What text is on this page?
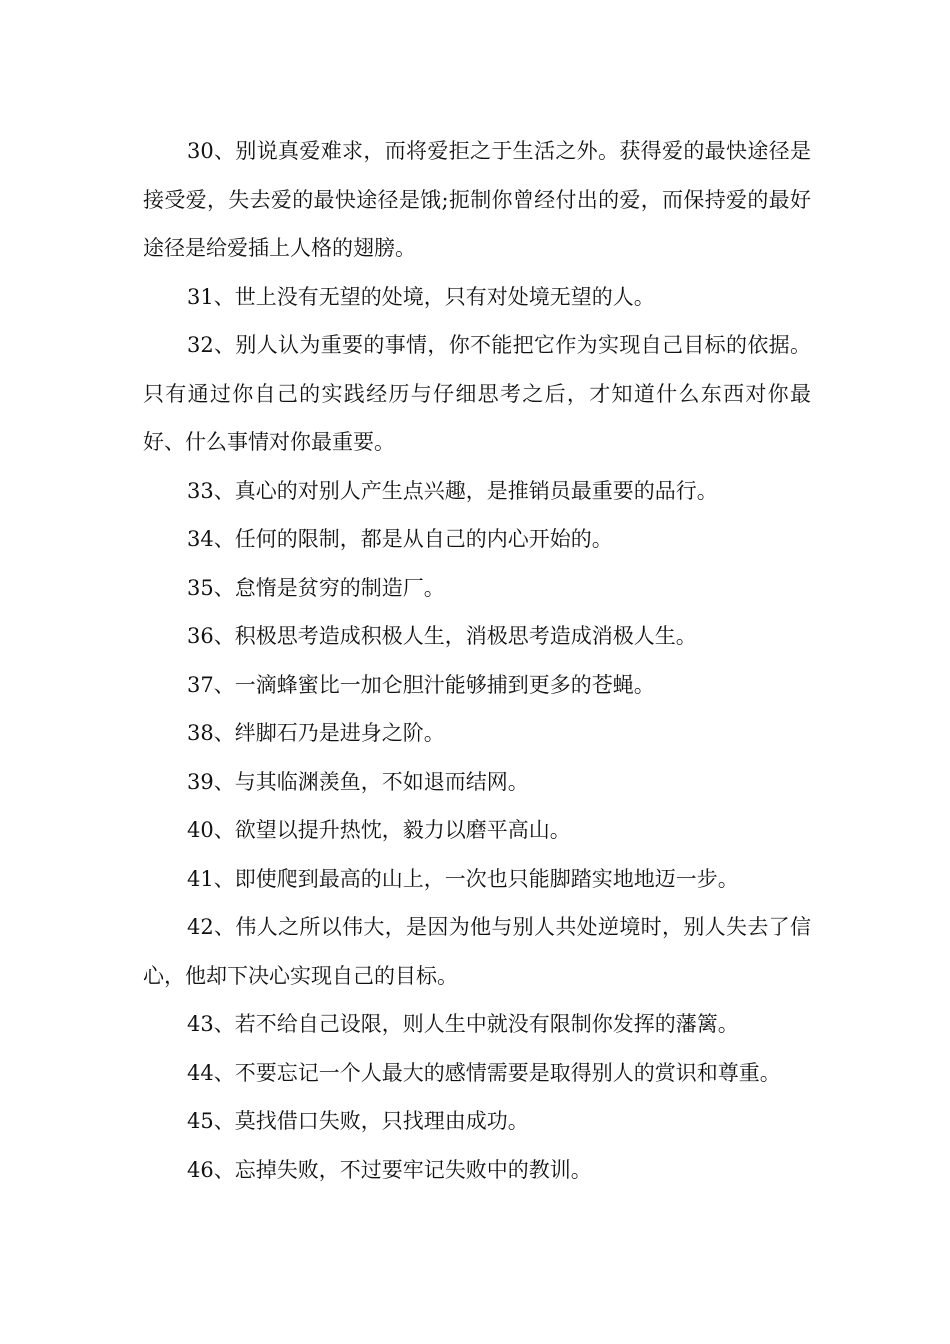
30、别说真爱难求，而将爱拒之于生活之外。获得爱的最快途径是接受爱，失去爱的最快途径是饿;扼制你曾经付出的爱，而保持爱的最好途径是给爱插上人格的翅膀。

31、世上没有无望的处境，只有对处境无望的人。

32、别人认为重要的事情，你不能把它作为实现自己目标的依据。只有通过你自己的实践经历与仔细思考之后，才知道什么东西对你最好、什么事情对你最重要。

33、真心的对别人产生点兴趣，是推销员最重要的品行。

34、任何的限制，都是从自己的内心开始的。

35、怠惰是贫穷的制造厂。

36、积极思考造成积极人生，消极思考造成消极人生。

37、一滴蜂蜜比一加仑胆汁能够捕到更多的苍蝇。

38、绊脚石乃是进身之阶。

39、与其临渊羡鱼，不如退而结网。

40、欲望以提升热忱，毅力以磨平高山。

41、即使爬到最高的山上，一次也只能脚踏实地地迈一步。

42、伟人之所以伟大，是因为他与别人共处逆境时，别人失去了信心，他却下决心实现自己的目标。

43、若不给自己设限，则人生中就没有限制你发挥的藩篱。

44、不要忘记一个人最大的感情需要是取得别人的赏识和尊重。

45、莫找借口失败，只找理由成功。

46、忘掉失败，不过要牢记失败中的教训。
